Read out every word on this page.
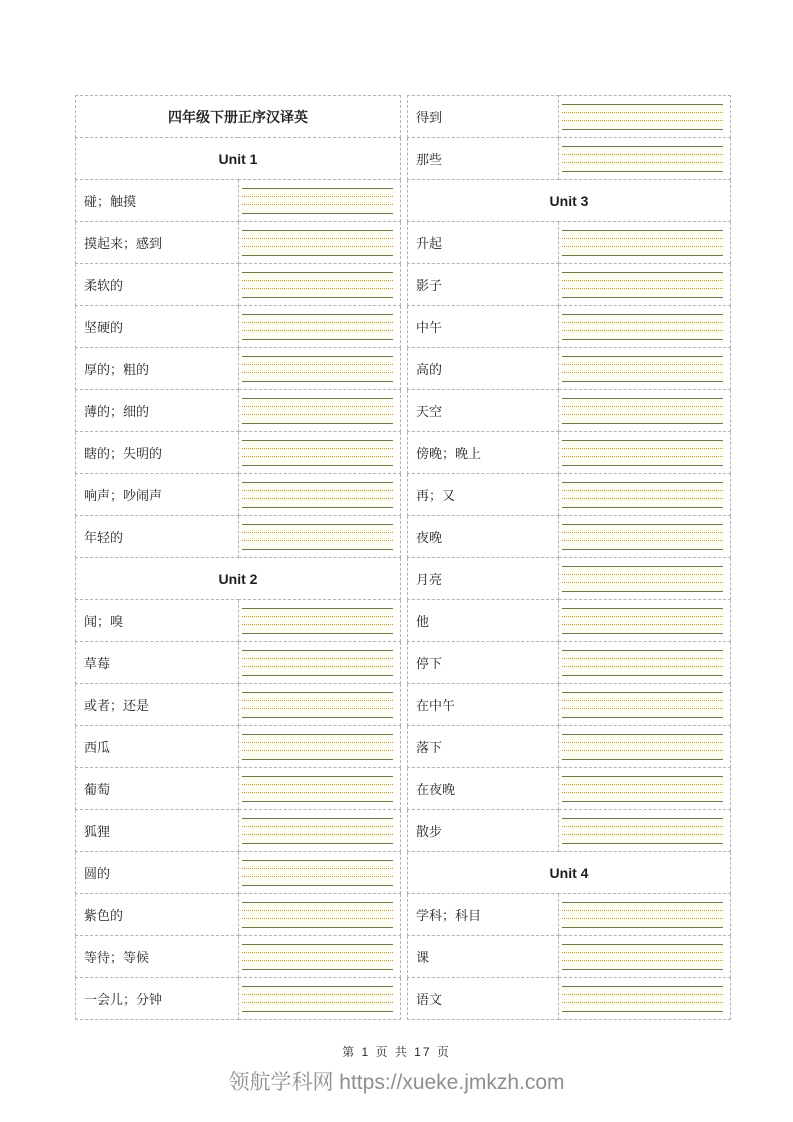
四年级下册正序汉译英	
Unit 1	
碰；触摸	

摸起来；感到	

柔软的	

坚硬的	

厚的；粗的	

薄的；细的	

瞎的；失明的	

响声；吵闹声	

年轻的	

Unit 2	
闻；嗅	

草莓	

或者；还是	

西瓜	

葡萄	

狐狸	

圆的	

紫色的	

等待；等候	

一会儿；分钟	
得到	

那些	

Unit 3	
升起	

影子	

中午	

高的	

天空	

傍晚；晚上	

再；又	

夜晚	

月亮	

他	

停下	

在中午	

落下	

在夜晚	

散步	

Unit 4	
学科；科目	

课	

语文	
第 1 页 共 17 页
领航学科网 https://xueke.jmkzh.com
